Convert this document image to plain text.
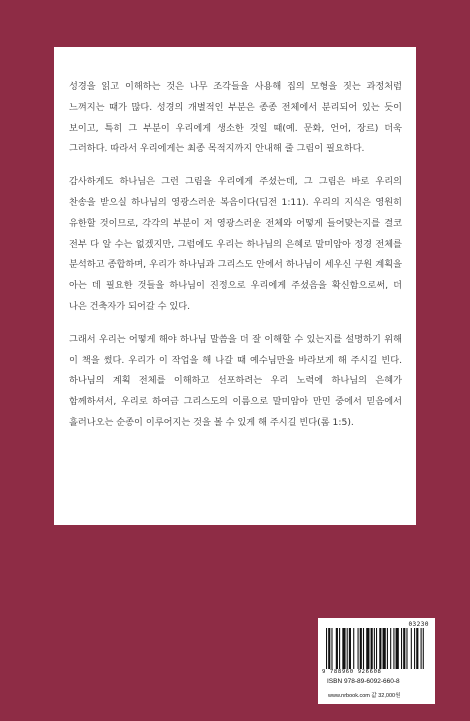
성경을 읽고 이해하는 것은 나무 조각들을 사용해 집의 모형을 짓는 과정처럼 느껴지는 때가 많다. 성경의 개별적인 부분은 종종 전체에서 분리되어 있는 듯이 보이고, 특히 그 부분이 우리에게 생소한 것일 때(예. 문화, 언어, 장르) 더욱 그러하다. 따라서 우리에게는 최종 목적지까지 안내해 줄 그림이 필요하다.

감사하게도 하나님은 그런 그림을 우리에게 주셨는데, 그 그림은 바로 우리의 찬송을 받으실 하나님의 영광스러운 복음이다(딤전 1:11). 우리의 지식은 영원히 유한할 것이므로, 각각의 부분이 저 영광스러운 전체와 어떻게 들어맞는지를 결코 전부 다 알 수는 없겠지만, 그럼에도 우리는 하나님의 은혜로 말미암아 정경 전체를 분석하고 종합하며, 우리가 하나님과 그리스도 안에서 하나님이 세우신 구원 계획을 아는 데 필요한 것들을 하나님이 진정으로 우리에게 주셨음을 확신함으로써, 더 나은 건축자가 되어갈 수 있다.

그래서 우리는 어떻게 해야 하나님 말씀을 더 잘 이해할 수 있는지를 설명하기 위해 이 책을 썼다. 우리가 이 작업을 해 나갈 때 예수님만을 바라보게 해 주시길 빈다. 하나님의 계획 전체를 이해하고 선포하려는 우리 노력에 하나님의 은혜가 함께하셔서, 우리로 하여금 그리스도의 이름으로 말미암아 만민 중에서 믿음에서 흘러나오는 순종이 이루어지는 것을 볼 수 있게 해 주시길 빈다(롬 1:5).

03230
9 788960 926608
ISBN 978-89-6092-660-8
www.nrbook.com 값 32,000원
